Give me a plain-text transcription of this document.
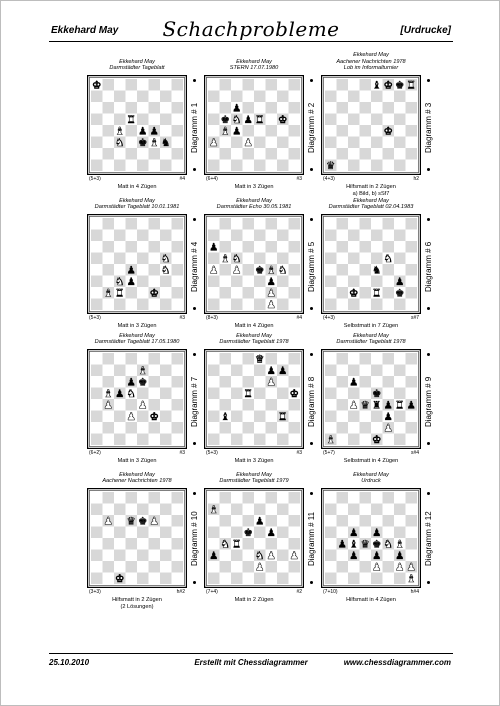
Ekkehard May	Schachprobleme	[Urdrucke]
Ekkehard May
Darmstädter Tageblatt
♚
♜
♝ ♟ ♟
♞ ♚ ♝ ♞ Diagramm # 1
(5+3)	#4
Matt in 4 Zügen
Ekkehard May
STERN 17.07.1980
♟
♚ ♞ ♟ ♜ ♚
♝ ♟
♟ ♟	Diagramm # 2
(6+4)	#3
Matt in 3 Zügen
Ekkehard May
Aachener Nachrichten 1978
Lob im Informalturnier
♝ ♚ ♚ ♜
♚
♛
Diagramm # 3
(4+3)	h2
Hilfsmatt in 2 Zügen
a) Bild, b) sSf7
Ekkehard May
Darmstädter Tageblatt 10.01.1981
♞
♟ ♞
♞ ♟
♝ ♜ ♚
Diagramm # 4
(5+3)	#3
Matt in 3 Zügen
Ekkehard May
Darmstädter Echo 30.05.1981
♟
♝ ♞
♟ ♟ ♚ ♝ ♞
♟
♟
♟
Diagramm # 5
(8+3)	#4
Matt in 4 Zügen
Ekkehard May
Darmstädter Tageblatt 02.04.1983
♞
♞
♟
♚ ♜ ♚
Diagramm # 6
(4+3)	s#7
Selbstmatt in 7 Zügen
Ekkehard May
Darmstädter Tageblatt 17.05.1980
♝
♟ ♚
♝ ♟ ♞
♟ ♟
♟ ♚	Diagramm # 7
(6+2)	#3
Matt in 3 Zügen
Ekkehard May
Darmstädter Tageblatt 1978
♛
♟ ♟
♟
♜	♚
♝	♜ Diagramm # 8
(5+3)	#3
Matt in 3 Zügen
Ekkehard May
Darmstädter Tageblatt 1978
♟
♚
♟ ♛ ♜ ♟ ♜ ♟
♟
♟
♝	♚
Diagramm # 9
(5+7)	s#4
Selbstmatt in 4 Zügen
Ekkehard May
Aachener Nachrichten 1978
♟ ♛ ♚ ♟
♚
Diagramm # 10
(3+3)	h#2
Hilfsmatt in 2 Zügen
(2 Lösungen)
Ekkehard May
Darmstädter Tageblatt 1979
♝
♟
♚ ♟
♞ ♜
♟	♞ ♟ ♟
♟
Diagramm # 11
(7+4)	#2
Matt in 2 Zügen
Ekkehard May
Urdruck
♟ ♟
♟ ♝ ♛ ♚ ♞ ♝
♟ ♟ ♟
♟ ♟ ♟
♝
Diagramm # 12
(7+10)	h#4
Hilfsmatt in 4 Zügen
25.10.2010	Erstellt mit Chessdiagrammer	www.chessdiagrammer.com
